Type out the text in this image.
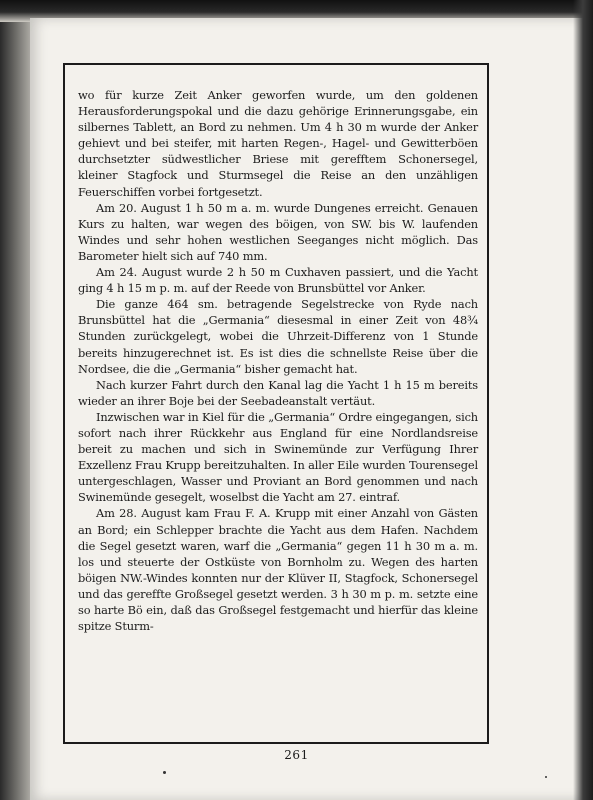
wo für kurze Zeit Anker geworfen wurde, um den goldenen Herausforderungspokal und die dazu gehörige Erinnerungsgabe, ein silbernes Tablett, an Bord zu nehmen. Um 4 h 30 m wurde der Anker gehievt und bei steifer, mit harten Regen-, Hagel- und Gewitterböen durchsetzter südwestlicher Briese mit gerefftem Schonersegel, kleiner Stagfock und Sturmsegel die Reise an den unzähligen Feuerschiffen vorbei fortgesetzt.

Am 20. August 1 h 50 m a. m. wurde Dungenes erreicht. Genauen Kurs zu halten, war wegen des böigen, von SW. bis W. laufenden Windes und sehr hohen westlichen Seeganges nicht möglich. Das Barometer hielt sich auf 740 mm.

Am 24. August wurde 2 h 50 m Cuxhaven passiert, und die Yacht ging 4 h 15 m p. m. auf der Reede von Brunsbüttel vor Anker.

Die ganze 464 sm. betragende Segelstrecke von Ryde nach Brunsbüttel hat die „Germania“ diesesmal in einer Zeit von 48¾ Stunden zurückgelegt, wobei die Uhrzeit-Differenz von 1 Stunde bereits hinzugerechnet ist. Es ist dies die schnellste Reise über die Nordsee, die die „Germania“ bisher gemacht hat.

Nach kurzer Fahrt durch den Kanal lag die Yacht 1 h 15 m bereits wieder an ihrer Boje bei der Seebadeanstalt vertäut.

Inzwischen war in Kiel für die „Germania“ Ordre eingegangen, sich sofort nach ihrer Rückkehr aus England für eine Nordlandsreise bereit zu machen und sich in Swinemünde zur Verfügung Ihrer Exzellenz Frau Krupp bereitzuhalten. In aller Eile wurden Tourensegel untergeschlagen, Wasser und Proviant an Bord genommen und nach Swinemünde gesegelt, woselbst die Yacht am 27. eintraf.

Am 28. August kam Frau F. A. Krupp mit einer Anzahl von Gästen an Bord; ein Schlepper brachte die Yacht aus dem Hafen. Nachdem die Segel gesetzt waren, warf die „Germania“ gegen 11 h 30 m a. m. los und steuerte der Ostküste von Bornholm zu. Wegen des harten böigen NW.-Windes konnten nur der Klüver II, Stagfock, Schonersegel und das gereffte Großsegel gesetzt werden. 3 h 30 m p. m. setzte eine so harte Bö ein, daß das Großsegel festgemacht und hierfür das kleine spitze Sturm-

261
